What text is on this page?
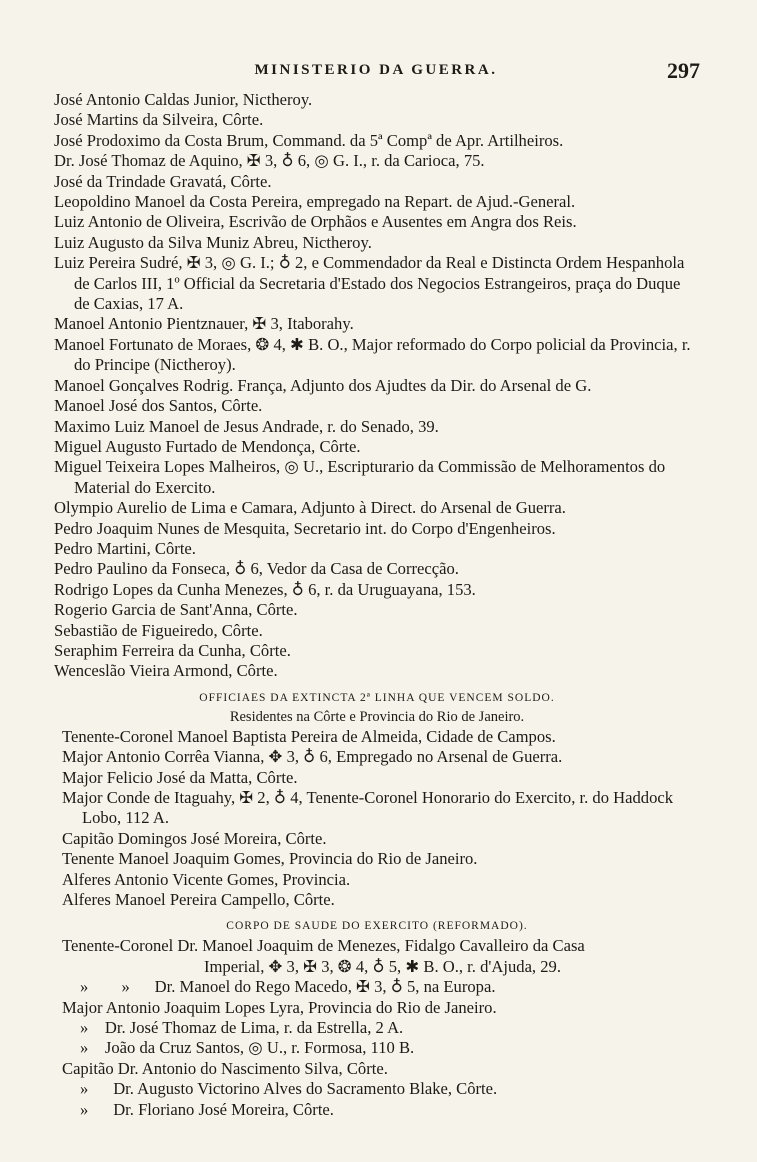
MINISTERIO DA GUERRA.	297
José Antonio Caldas Junior, Nictheroy.
José Martins da Silveira, Côrte.
José Prodoximo da Costa Brum, Command. da 5ª Compª de Apr. Artilheiros.
Dr. José Thomaz de Aquino, ✠ 3, ♁ 6, ◎ G. I., r. da Carioca, 75.
José da Trindade Gravatá, Côrte.
Leopoldino Manoel da Costa Pereira, empregado na Repart. de Ajud.-General.
Luiz Antonio de Oliveira, Escrivão de Orphãos e Ausentes em Angra dos Reis.
Luiz Augusto da Silva Muniz Abreu, Nictheroy.
Luiz Pereira Sudré, ✠ 3, ◎ G. I.; ♁ 2, e Commendador da Real e Distincta Ordem Hespanhola de Carlos III, 1º Official da Secretaria d'Estado dos Negocios Estrangeiros, praça do Duque de Caxias, 17 A.
Manoel Antonio Pientznauer, ✠ 3, Itaborahy.
Manoel Fortunato de Moraes, ❂ 4, ✱ B. O., Major reformado do Corpo policial da Provincia, r. do Principe (Nictheroy).
Manoel Gonçalves Rodrig. França, Adjunto dos Ajudtes da Dir. do Arsenal de G.
Manoel José dos Santos, Côrte.
Maximo Luiz Manoel de Jesus Andrade, r. do Senado, 39.
Miguel Augusto Furtado de Mendonça, Côrte.
Miguel Teixeira Lopes Malheiros, ◎ U., Escripturario da Commissão de Melhoramentos do Material do Exercito.
Olympio Aurelio de Lima e Camara, Adjunto à Direct. do Arsenal de Guerra.
Pedro Joaquim Nunes de Mesquita, Secretario int. do Corpo d'Engenheiros.
Pedro Martini, Côrte.
Pedro Paulino da Fonseca, ♁ 6, Vedor da Casa de Correcção.
Rodrigo Lopes da Cunha Menezes, ♁ 6, r. da Uruguayana, 153.
Rogerio Garcia de Sant'Anna, Côrte.
Sebastião de Figueiredo, Côrte.
Seraphim Ferreira da Cunha, Côrte.
Wenceslão Vieira Armond, Côrte.
OFFICIAES DA EXTINCTA 2ª LINHA QUE VENCEM SOLDO.
Residentes na Côrte e Provincia do Rio de Janeiro.
Tenente-Coronel Manoel Baptista Pereira de Almeida, Cidade de Campos.
Major Antonio Corrêa Vianna, ✥ 3, ♁ 6, Empregado no Arsenal de Guerra.
Major Felicio José da Matta, Côrte.
Major Conde de Itaguahy, ✠ 2, ♁ 4, Tenente-Coronel Honorario do Exercito, r. do Haddock Lobo, 112 A.
Capitão Domingos José Moreira, Côrte.
Tenente Manoel Joaquim Gomes, Provincia do Rio de Janeiro.
Alferes Antonio Vicente Gomes, Provincia.
Alferes Manoel Pereira Campello, Côrte.
CORPO DE SAUDE DO EXERCITO (REFORMADO).
Tenente-Coronel Dr. Manoel Joaquim de Menezes, Fidalgo Cavalleiro da Casa
Imperial, ✥ 3, ✠ 3, ❂ 4, ♁ 5, ✱ B. O., r. d'Ajuda, 29.
»        »      Dr. Manoel do Rego Macedo, ✠ 3, ♁ 5, na Europa.
Major Antonio Joaquim Lopes Lyra, Provincia do Rio de Janeiro.
»    Dr. José Thomaz de Lima, r. da Estrella, 2 A.
»    João da Cruz Santos, ◎ U., r. Formosa, 110 B.
Capitão Dr. Antonio do Nascimento Silva, Côrte.
»      Dr. Augusto Victorino Alves do Sacramento Blake, Côrte.
»      Dr. Floriano José Moreira, Côrte.
